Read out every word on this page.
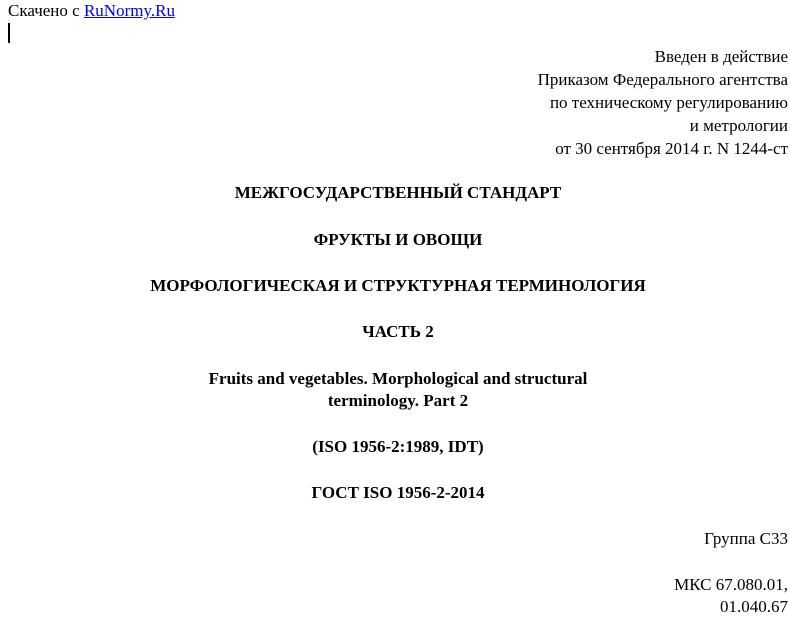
Скачено с RuNormy.Ru
Введен в действие
Приказом Федерального агентства
по техническому регулированию
и метрологии
от 30 сентября 2014 г. N 1244-ст
МЕЖГОСУДАРСТВЕННЫЙ СТАНДАРТ
ФРУКТЫ И ОВОЩИ
МОРФОЛОГИЧЕСКАЯ И СТРУКТУРНАЯ ТЕРМИНОЛОГИЯ
ЧАСТЬ 2
Fruits and vegetables. Morphological and structural
terminology. Part 2
(ISO 1956-2:1989, IDT)
ГОСТ ISO 1956-2-2014
Группа С33
МКС 67.080.01,
01.040.67
